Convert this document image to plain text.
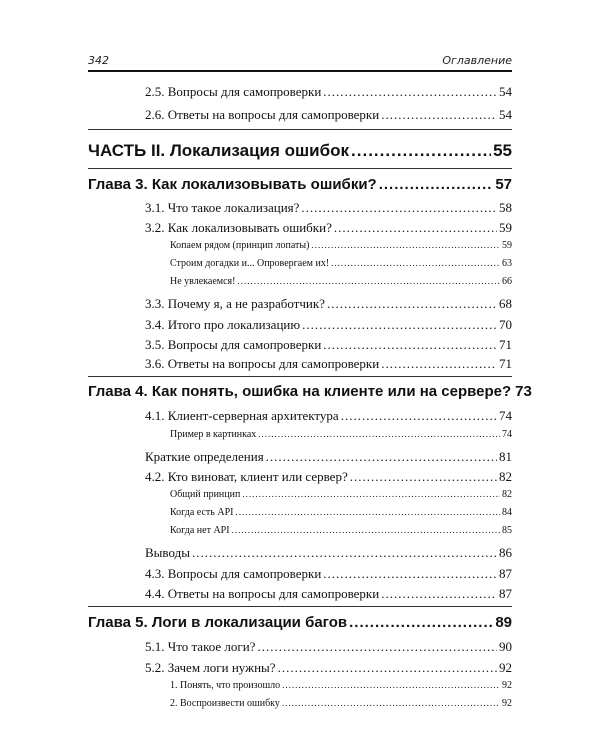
342	Оглавление
2.5. Вопросы для самопроверки .....	54
2.6. Ответы на вопросы для самопроверки .....	54
ЧАСТЬ II. Локализация ошибок .....	55
Глава 3. Как локализовывать ошибки? .....	57
3.1. Что такое локализация? .....	58
3.2. Как локализовывать ошибки? .....	59
Копаем рядом (принцип лопаты) .....	59
Строим догадки и... Опровергаем их! .....	63
Не увлекаемся! .....	66
3.3. Почему я, а не разработчик? .....	68
3.4. Итого про локализацию .....	70
3.5. Вопросы для самопроверки .....	71
3.6. Ответы на вопросы для самопроверки .....	71
Глава 4. Как понять, ошибка на клиенте или на сервере? 73
4.1. Клиент-серверная архитектура .....	74
Пример в картинках .....	74
Краткие определения .....	81
4.2. Кто виноват, клиент или сервер? .....	82
Общий принцип .....	82
Когда есть API .....	84
Когда нет API .....	85
Выводы .....	86
4.3. Вопросы для самопроверки .....	87
4.4. Ответы на вопросы для самопроверки .....	87
Глава 5. Логи в локализации багов .....	89
5.1. Что такое логи? .....	90
5.2. Зачем логи нужны? .....	92
1. Понять, что произошло .....	92
2. Воспроизвести ошибку .....	92
